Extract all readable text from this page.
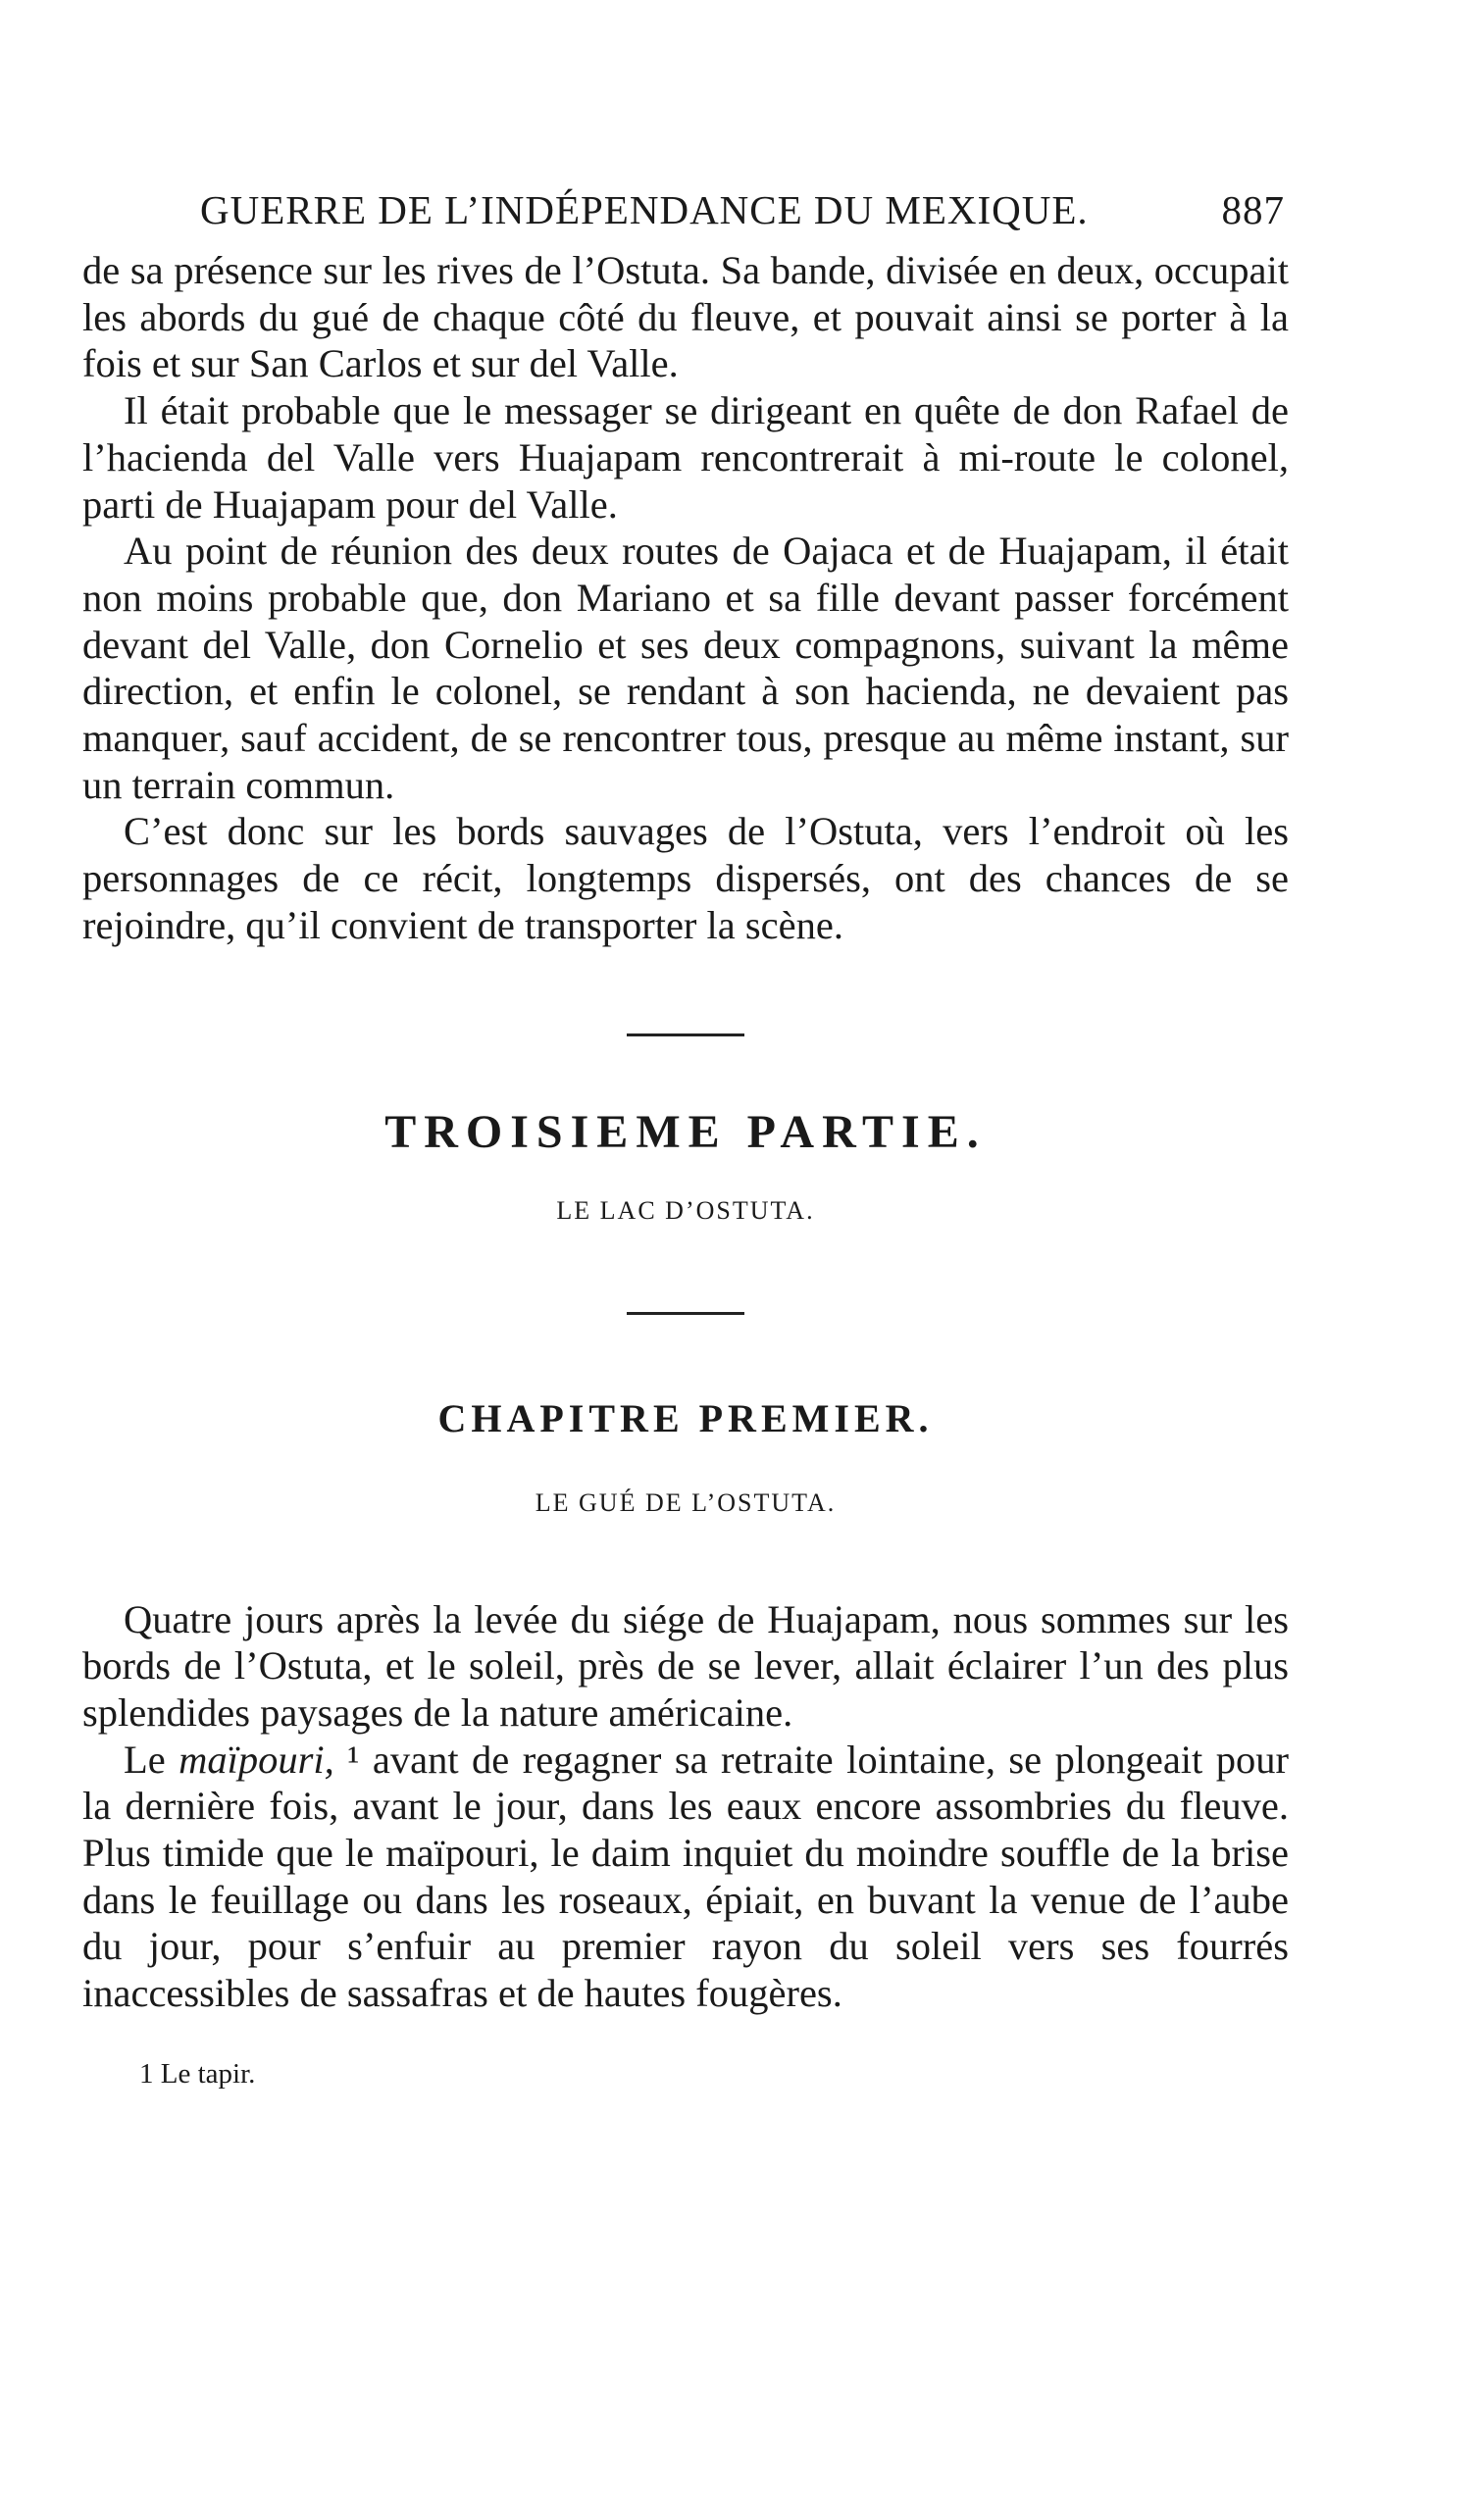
GUERRE DE L’INDÉPENDANCE DU MEXIQUE.	887

de sa présence sur les rives de l’Ostuta. Sa bande, divisée en deux, occupait les abords du gué de chaque côté du fleuve, et pouvait ainsi se porter à la fois et sur San Carlos et sur del Valle.

Il était probable que le messager se dirigeant en quête de don Rafael de l’hacienda del Valle vers Huajapam rencontrerait à mi-route le colonel, parti de Huajapam pour del Valle.

Au point de réunion des deux routes de Oajaca et de Huajapam, il était non moins probable que, don Mariano et sa fille devant passer forcément devant del Valle, don Cornelio et ses deux compagnons, suivant la même direction, et enfin le colonel, se rendant à son hacienda, ne devaient pas manquer, sauf accident, de se rencontrer tous, presque au même instant, sur un terrain commun.

C’est donc sur les bords sauvages de l’Ostuta, vers l’endroit où les personnages de ce récit, longtemps dispersés, ont des chances de se rejoindre, qu’il convient de transporter la scène.

TROISIEME PARTIE.

LE LAC D’OSTUTA.

CHAPITRE PREMIER.

LE GUÉ DE L’OSTUTA.

Quatre jours après la levée du siége de Huajapam, nous sommes sur les bords de l’Ostuta, et le soleil, près de se lever, allait éclairer l’un des plus splendides paysages de la nature américaine.

Le maïpouri, ¹ avant de regagner sa retraite lointaine, se plongeait pour la dernière fois, avant le jour, dans les eaux encore assombries du fleuve. Plus timide que le maïpouri, le daim inquiet du moindre souffle de la brise dans le feuillage ou dans les roseaux, épiait, en buvant la venue de l’aube du jour, pour s’enfuir au premier rayon du soleil vers ses fourrés inaccessibles de sassafras et de hautes fougères.

1 Le tapir.
